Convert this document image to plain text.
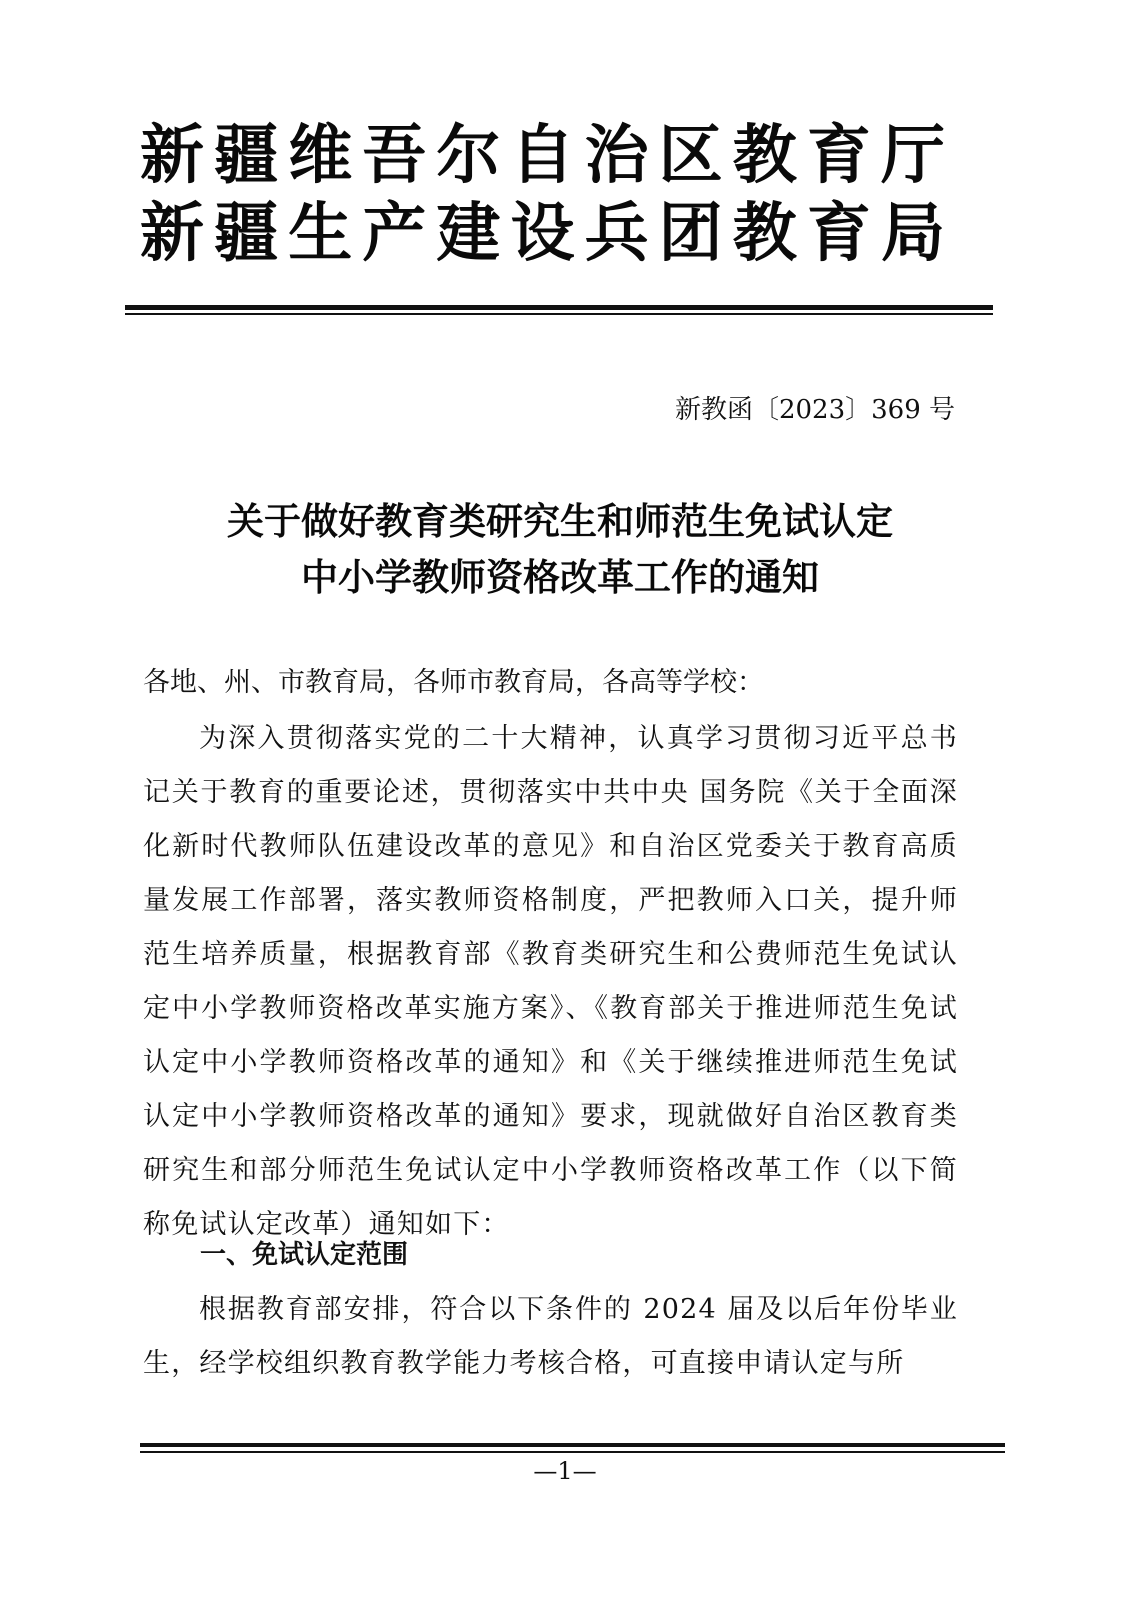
新 疆 维 吾 尔 自 治 区 教 育 厅
新 疆 生 产 建 设 兵 团 教 育 局
新教函〔2023〕369 号
关于做好教育类研究生和师范生免试认定
中小学教师资格改革工作的通知

各地、州、市教育局，各师市教育局，各高等学校：

为深入贯彻落实党的二十大精神，认真学习贯彻习近平总书记关于教育的重要论述，贯彻落实中共中央 国务院《关于全面深化新时代教师队伍建设改革的意见》和自治区党委关于教育高质量发展工作部署，落实教师资格制度，严把教师入口关，提升师范生培养质量，根据教育部《教育类研究生和公费师范生免试认定中小学教师资格改革实施方案》、《教育部关于推进师范生免试认定中小学教师资格改革的通知》和《关于继续推进师范生免试认定中小学教师资格改革的通知》要求，现就做好自治区教育类研究生和部分师范生免试认定中小学教师资格改革工作（以下简称免试认定改革）通知如下：

一、免试认定范围

根据教育部安排，符合以下条件的 2024 届及以后年份毕业生，经学校组织教育教学能力考核合格，可直接申请认定与所

—1—
